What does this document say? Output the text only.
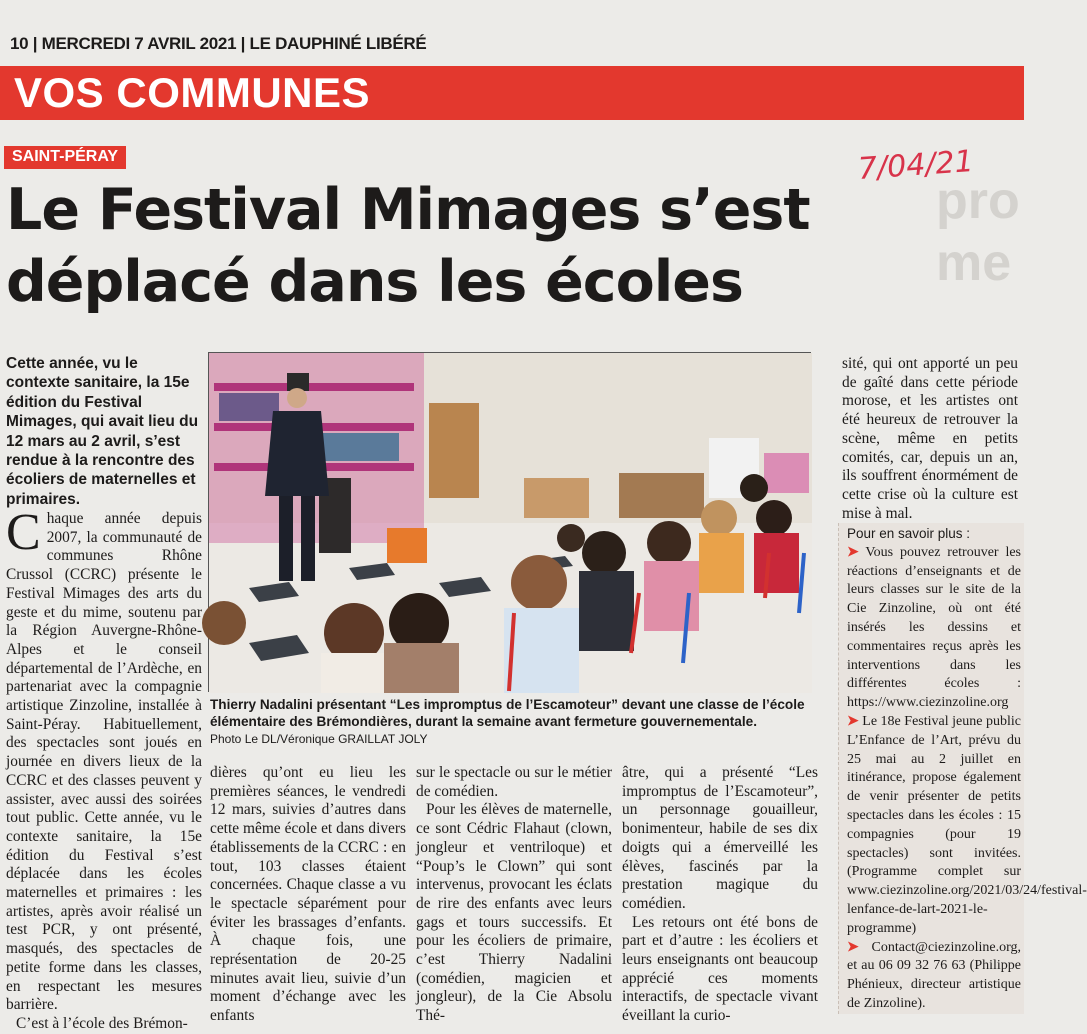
10 | MERCREDI 7 AVRIL 2021 | LE DAUPHINÉ LIBÉRÉ
VOS COMMUNES
SAINT-PÉRAY	7/04/21
pro
me
Le Festival Mimages s’est déplacé dans les écoles
Cette année, vu le contexte sanitaire, la 15e édition du Festival Mimages, qui avait lieu du 12 mars au 2 avril, s’est rendue à la rencontre des écoliers de maternelles et primaires.

Chaque année depuis 2007, la communauté de communes Rhône Crussol (CCRC) présente le Festival Mimages des arts du geste et du mime, soutenu par la Région Auvergne-Rhône-Alpes et le conseil départemental de l’Ardèche, en partenariat avec la compagnie artistique Zinzoline, installée à Saint-Péray. Habituellement, des spectacles sont joués en journée en divers lieux de la CCRC et des classes peuvent y assister, avec aussi des soirées tout public. Cette année, vu le contexte sanitaire, la 15e édition du Festival s’est déplacée dans les écoles maternelles et primaires : les artistes, après avoir réalisé un test PCR, y ont présenté, masqués, des spectacles de petite forme dans les classes, en respectant les mesures barrière.

C’est à l’école des Brémon-

Thierry Nadalini présentant “Les impromptus de l’Escamoteur” devant une classe de l’école élémentaire des Brémondières, durant la semaine avant fermeture gouvernementale.
Photo Le DL/Véronique GRAILLAT JOLY
sité, qui ont apporté un peu de gaîté dans cette période morose, et les artistes ont été heureux de retrouver la scène, même en petits comités, car, depuis un an, ils souffrent énormément de cette crise où la culture est mise à mal.
dières qu’ont eu lieu les premières séances, le vendredi 12 mars, suivies d’autres dans cette même école et dans divers établissements de la CCRC : en tout, 103 classes étaient concernées. Chaque classe a vu le spectacle séparément pour éviter les brassages d’enfants. À chaque fois, une représentation de 20-25 minutes avait lieu, suivie d’un moment d’échange avec les enfants

sur le spectacle ou sur le métier de comédien.

Pour les élèves de maternelle, ce sont Cédric Flahaut (clown, jongleur et ventriloque) et “Poup’s le Clown” qui sont intervenus, provocant les éclats de rire des enfants avec leurs gags et tours successifs. Et pour les écoliers de primaire, c’est Thierry Nadalini (comédien, magicien et jongleur), de la Cie Absolu Thé-

âtre, qui a présenté “Les impromptus de l’Escamoteur”, un personnage gouailleur, bonimenteur, habile de ses dix doigts qui a émerveillé les élèves, fascinés par la prestation magique du comédien.

Les retours ont été bons de part et d’autre : les écoliers et leurs enseignants ont beaucoup apprécié ces moments interactifs, de spectacle vivant éveillant la curio-

Pour en savoir plus :
➤ Vous pouvez retrouver les réactions d’enseignants et de leurs classes sur le site de la Cie Zinzoline, où ont été insérés les dessins et commentaires reçus après les interventions dans les différentes écoles : https://www.ciezinzoline.org
➤ Le 18e Festival jeune public L’Enfance de l’Art, prévu du 25 mai au 2 juillet en itinérance, propose également de venir présenter de petits spectacles dans les écoles : 15 compagnies (pour 19 spectacles) sont invitées. (Programme complet sur www.ciezinzoline.org/2021/03/24/festival-lenfance-de-lart-2021-le-programme)
➤ Contact@ciezinzoline.org, et au 06 09 32 76 63 (Philippe Phénieux, directeur artistique de Zinzoline).
